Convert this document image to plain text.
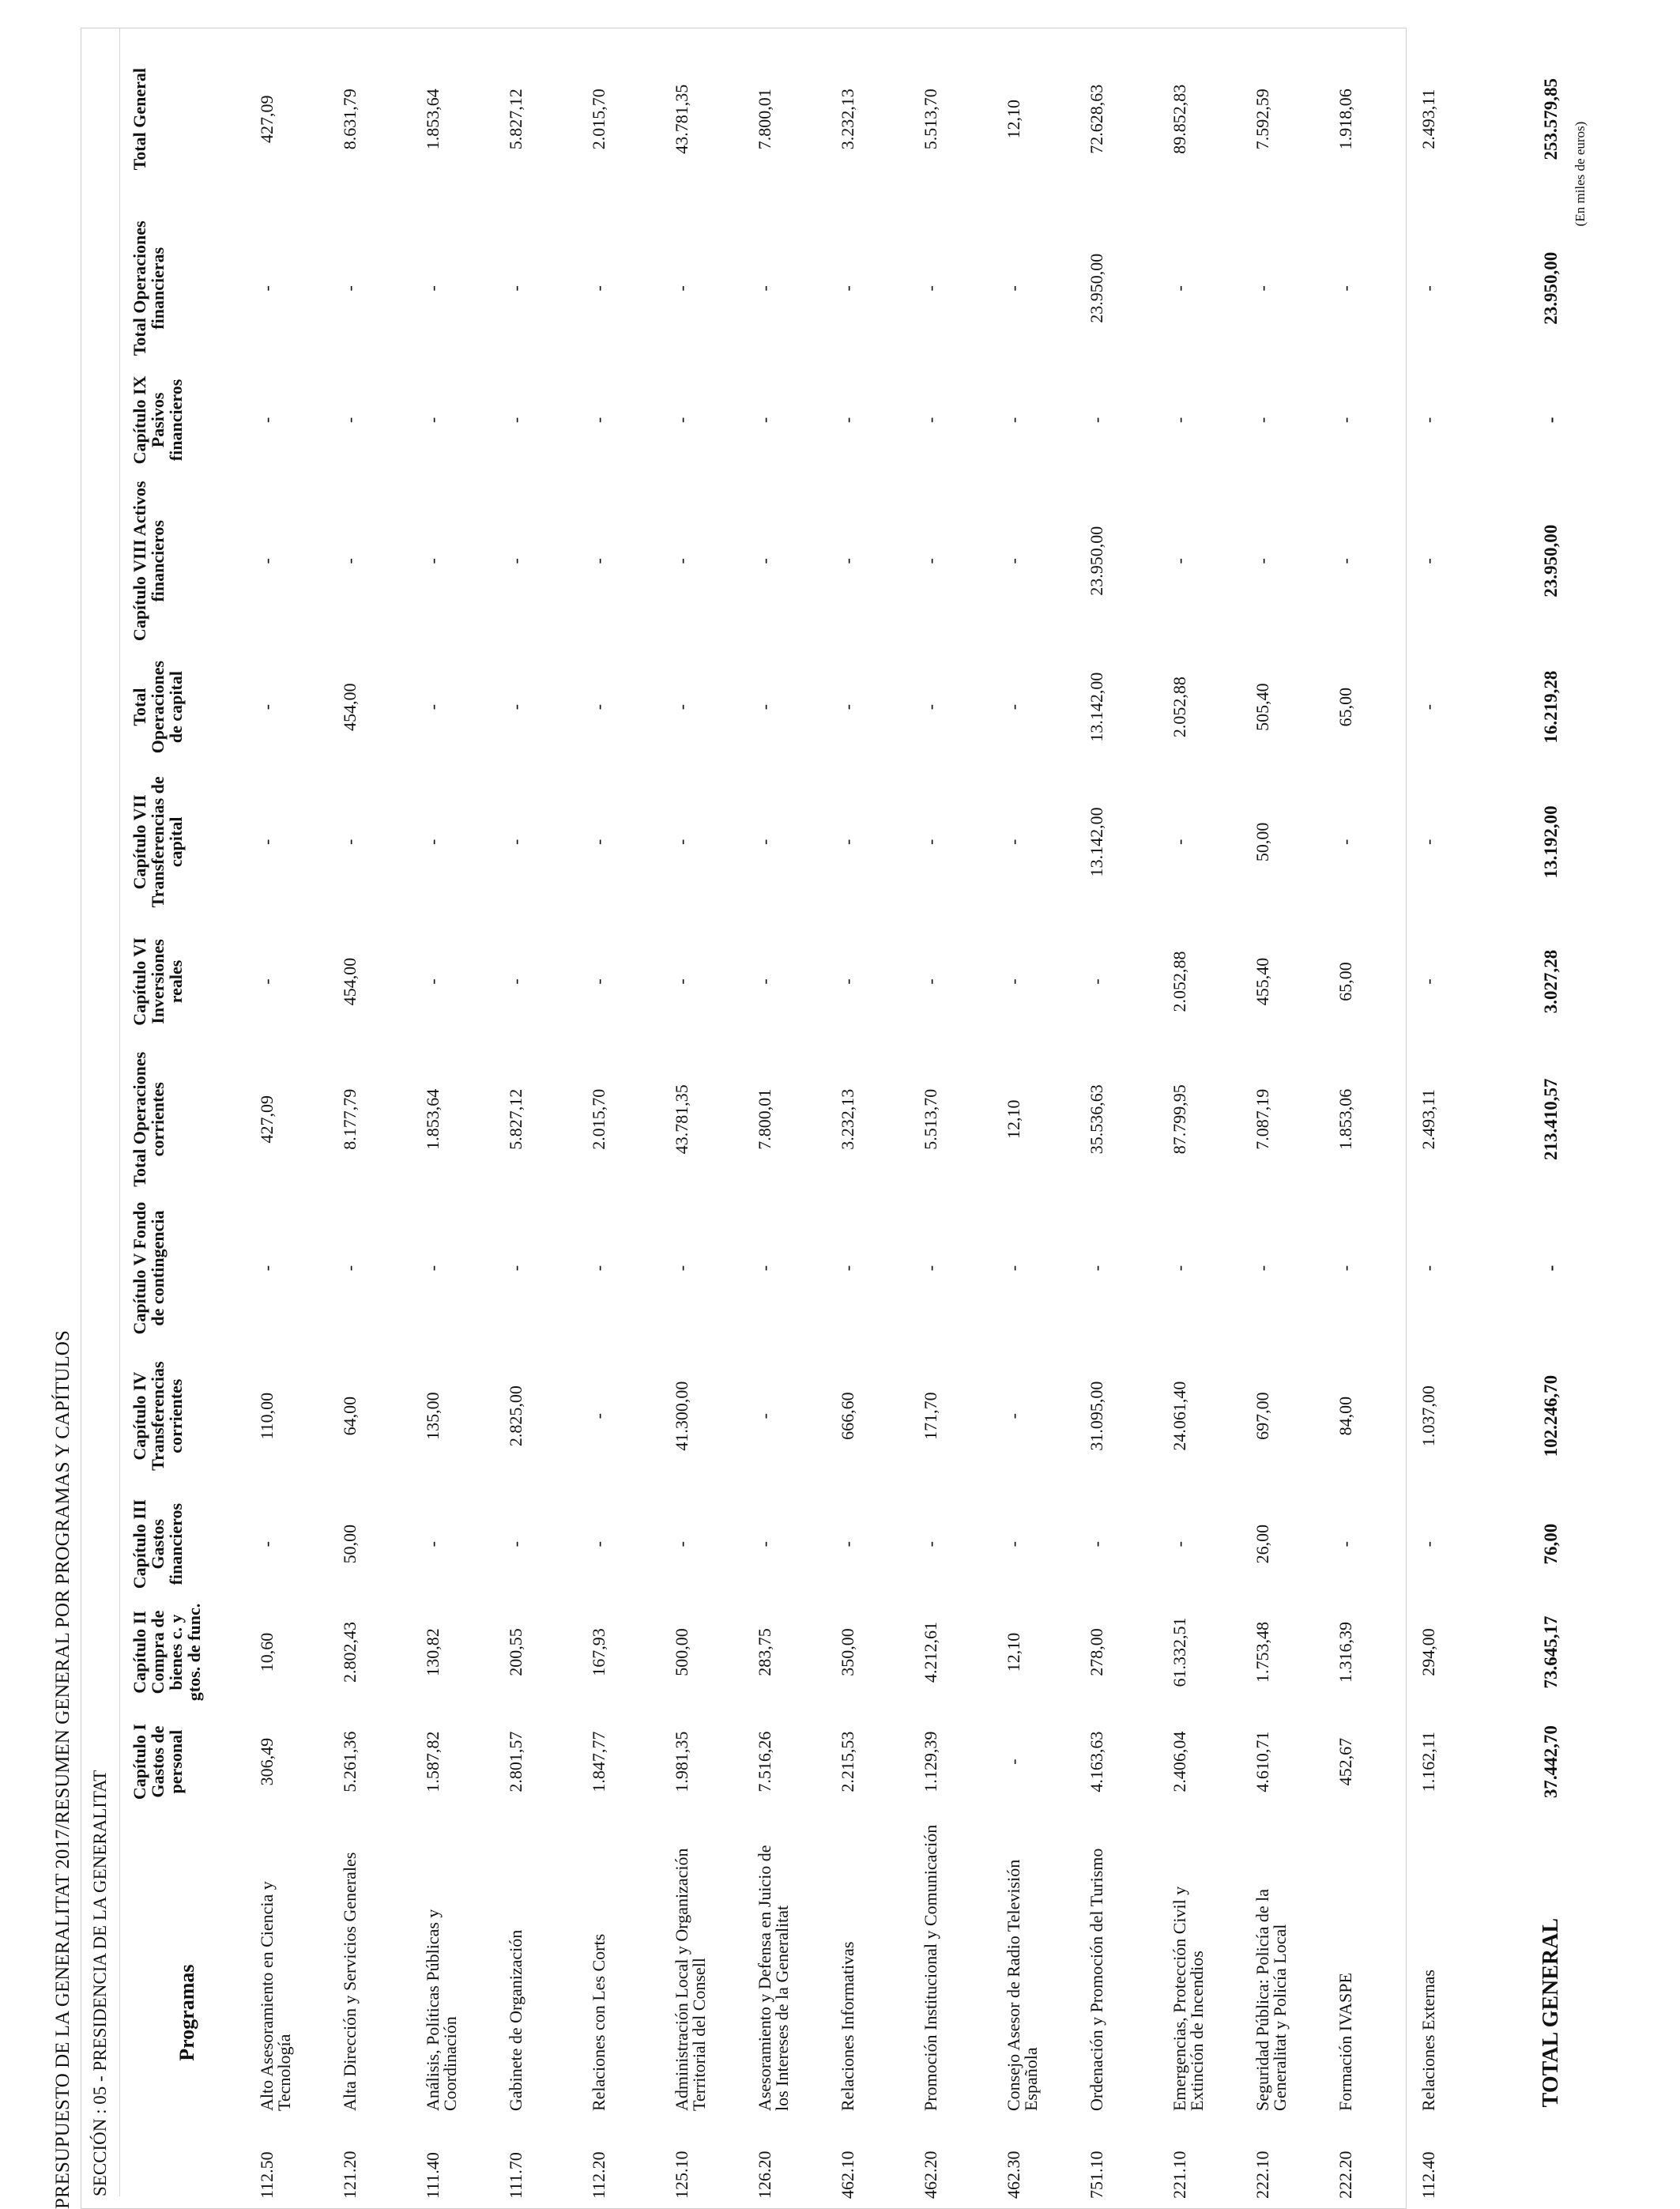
(En miles de euros)
PRESUPUESTO DE LA GENERALITAT 2017/RESUMEN GENERAL POR PROGRAMAS Y CAPÍTULOS SECCIÓN : 05 - PRESIDENCIA DE LA GENERALITAT	Programas		Capítulo I Gastos de personal	Capítulo II Compra de bienes c. y gtos. de func.	Capítulo III Gastos financieros	Capítulo IV Transferencias corrientes	Capítulo V Fondo de contingencia	Total Operaciones corrientes	Capítulo VI Inversiones reales	Capítulo VII Transferencias de capital	Total Operaciones de capital	Capítulo VIII Activos financieros	Capítulo IX Pasivos financieros	Total Operaciones financieras	Total General
112.50	Alto Asesoramiento en Ciencia y Tecnología	306,49	10,60	-	110,00	-	427,09	-	-	-	-	-	-	427,09
121.20	Alta Dirección y Servicios Generales	5.261,36	2.802,43	50,00	64,00	-	8.177,79	454,00	-	454,00	-	-	-	8.631,79
111.40	Análisis, Políticas Públicas y Coordinación	1.587,82	130,82	-	135,00	-	1.853,64	-	-	-	-	-	-	1.853,64
111.70	Gabinete de Organización	2.801,57	200,55	-	2.825,00	-	5.827,12	-	-	-	-	-	-	5.827,12
112.20	Relaciones con Les Corts	1.847,77	167,93	-	-	-	2.015,70	-	-	-	-	-	-	2.015,70
125.10	Administración Local y Organización Territorial del Consell	1.981,35	500,00	-	41.300,00	-	43.781,35	-	-	-	-	-	-	43.781,35
126.20	Asesoramiento y Defensa en Juicio de los Intereses de la Generalitat	7.516,26	283,75	-	-	-	7.800,01	-	-	-	-	-	-	7.800,01
462.10	Relaciones Informativas	2.215,53	350,00	-	666,60	-	3.232,13	-	-	-	-	-	-	3.232,13
462.20	Promoción Institucional y Comunicación	1.129,39	4.212,61	-	171,70	-	5.513,70	-	-	-	-	-	-	5.513,70
462.30	Consejo Asesor de Radio Televisión Española	-	12,10	-	-	-	12,10	-	-	-	-	-	-	12,10
751.10	Ordenación y Promoción del Turismo	4.163,63	278,00	-	31.095,00	-	35.536,63	-	13.142,00	13.142,00	23.950,00	-	23.950,00	72.628,63
221.10	Emergencias, Protección Civil y Extinción de Incendios	2.406,04	61.332,51	-	24.061,40	-	87.799,95	2.052,88	-	2.052,88	-	-	-	89.852,83
222.10	Seguridad Pública: Policía de la Generalitat y Policía Local	4.610,71	1.753,48	26,00	697,00	-	7.087,19	455,40	50,00	505,40	-	-	-	7.592,59
222.20	Formación IVASPE	452,67	1.316,39	-	84,00	-	1.853,06	65,00	-	65,00	-	-	-	1.918,06
112.40	Relaciones Externas	1.162,11	294,00	-	1.037,00	-	2.493,11	-	-	-	-	-	-	2.493,11
TOTAL GENERAL		37.442,70	73.645,17	76,00	102.246,70	-	213.410,57	3.027,28	13.192,00	16.219,28	23.950,00	-	23.950,00	253.579,85
